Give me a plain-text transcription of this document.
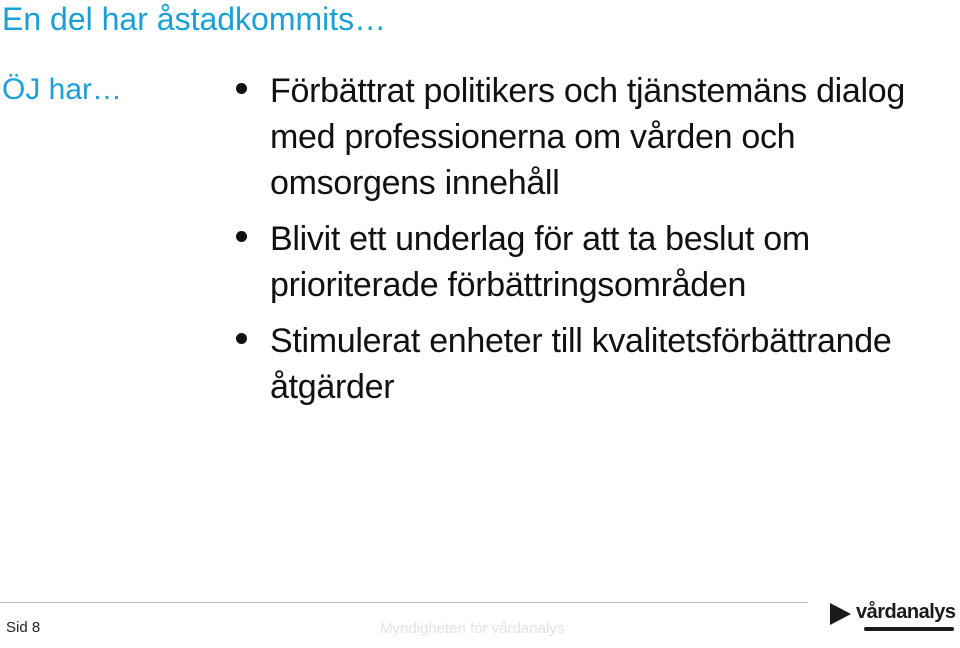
En del har åstadkommits…
ÖJ har…	Förbättrat politikers och tjänstemäns dialog med professionerna om vården och omsorgens innehåll
Blivit ett underlag för att ta beslut om prioriterade förbättringsområden
Stimulerat enheter till kvalitetsförbättrande åtgärder
Sid 8	Myndigheten för vårdanalys
vårdanalys
